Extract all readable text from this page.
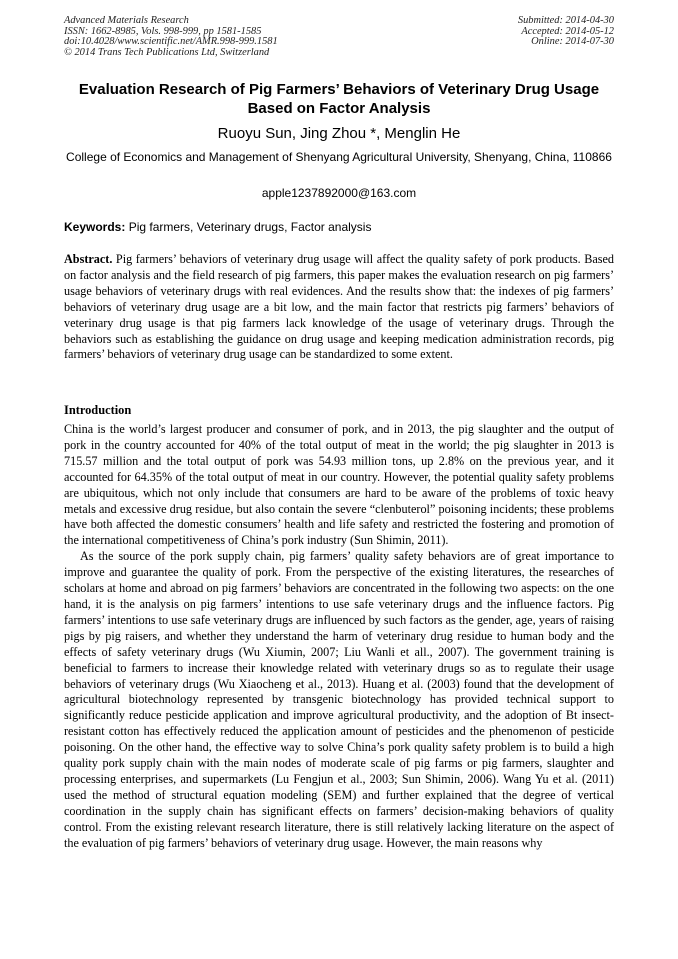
Advanced Materials Research
ISSN: 1662-8985, Vols. 998-999, pp 1581-1585
doi:10.4028/www.scientific.net/AMR.998-999.1581
© 2014 Trans Tech Publications Ltd, Switzerland
Submitted: 2014-04-30
Accepted: 2014-05-12
Online: 2014-07-30
Evaluation Research of Pig Farmers’ Behaviors of Veterinary Drug Usage Based on Factor Analysis
Ruoyu Sun, Jing Zhou *, Menglin He
College of Economics and Management of Shenyang Agricultural University, Shenyang, China, 110866
apple1237892000@163.com
Keywords: Pig farmers, Veterinary drugs, Factor analysis
Abstract. Pig farmers’ behaviors of veterinary drug usage will affect the quality safety of pork products. Based on factor analysis and the field research of pig farmers, this paper makes the evaluation research on pig farmers’ usage behaviors of veterinary drugs with real evidences. And the results show that: the indexes of pig farmers’ behaviors of veterinary drug usage are a bit low, and the main factor that restricts pig farmers’ behaviors of veterinary drug usage is that pig farmers lack knowledge of the usage of veterinary drugs. Through the behaviors such as establishing the guidance on drug usage and keeping medication administration records, pig farmers’ behaviors of veterinary drug usage can be standardized to some extent.
Introduction

China is the world’s largest producer and consumer of pork, and in 2013, the pig slaughter and the output of pork in the country accounted for 40% of the total output of meat in the world; the pig slaughter in 2013 is 715.57 million and the total output of pork was 54.93 million tons, up 2.8% on the previous year, and it accounted for 64.35% of the total output of meat in our country. However, the potential quality safety problems are ubiquitous, which not only include that consumers are hard to be aware of the problems of toxic heavy metals and excessive drug residue, but also contain the severe “clenbuterol” poisoning incidents; these problems have both affected the domestic consumers’ health and life safety and restricted the fostering and promotion of the international competitiveness of China’s pork industry (Sun Shimin, 2011).

As the source of the pork supply chain, pig farmers’ quality safety behaviors are of great importance to improve and guarantee the quality of pork. From the perspective of the existing literatures, the researches of scholars at home and abroad on pig farmers’ behaviors are concentrated in the following two aspects: on the one hand, it is the analysis on pig farmers’ intentions to use safe veterinary drugs and the influence factors. Pig farmers’ intentions to use safe veterinary drugs are influenced by such factors as the gender, age, years of raising pigs by pig raisers, and whether they understand the harm of veterinary drug residue to human body and the effects of safety veterinary drugs (Wu Xiumin, 2007; Liu Wanli et all., 2007). The government training is beneficial to farmers to increase their knowledge related with veterinary drugs so as to regulate their usage behaviors of veterinary drugs (Wu Xiaocheng et al., 2013). Huang et al. (2003) found that the development of agricultural biotechnology represented by transgenic biotechnology has provided technical support to significantly reduce pesticide application and improve agricultural productivity, and the adoption of Bt insect-resistant cotton has effectively reduced the application amount of pesticides and the phenomenon of pesticide poisoning. On the other hand, the effective way to solve China’s pork quality safety problem is to build a high quality pork supply chain with the main nodes of moderate scale of pig farms or pig farmers, slaughter and processing enterprises, and supermarkets (Lu Fengjun et al., 2003; Sun Shimin, 2006). Wang Yu et al. (2011) used the method of structural equation modeling (SEM) and further explained that the degree of vertical coordination in the supply chain has significant effects on farmers’ decision-making behaviors of quality control. From the existing relevant research literature, there is still relatively lacking literature on the aspect of the evaluation of pig farmers’ behaviors of veterinary drug usage. However, the main reasons why
